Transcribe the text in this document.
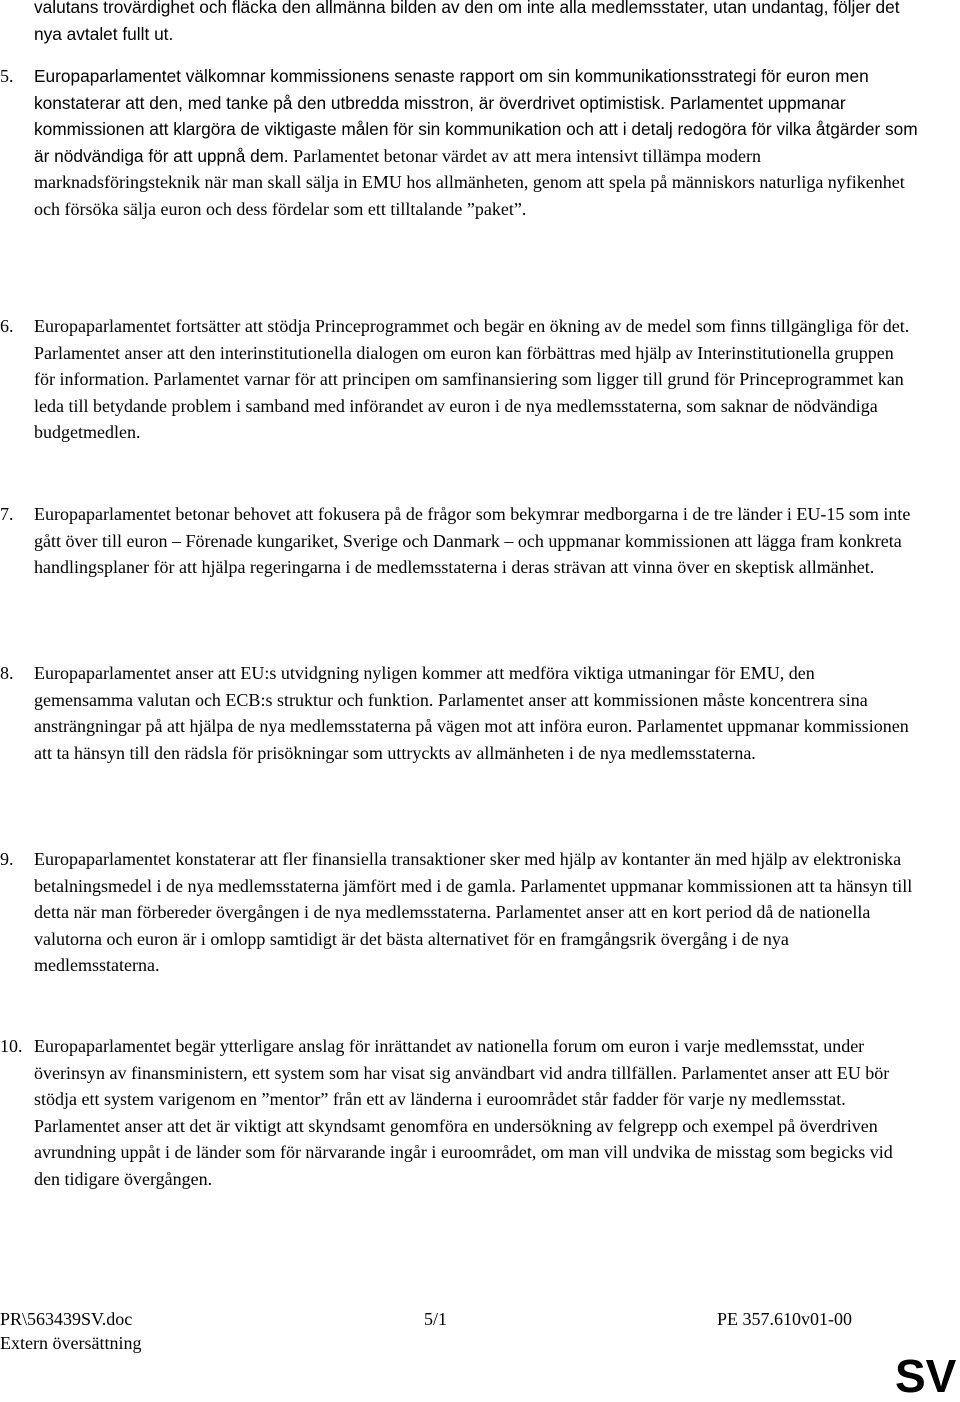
valutans trovärdighet och fläcka den allmänna bilden av den om inte alla medlemsstater, utan undantag, följer det nya avtalet fullt ut.

5.	Europaparlamentet välkomnar kommissionens senaste rapport om sin kommunikationsstrategi för euron men konstaterar att den, med tanke på den utbredda misstron, är överdrivet optimistisk. Parlamentet uppmanar kommissionen att klargöra de viktigaste målen för sin kommunikation och att i detalj redogöra för vilka åtgärder som är nödvändiga för att uppnå dem. Parlamentet betonar värdet av att mera intensivt tillämpa modern marknadsföringsteknik när man skall sälja in EMU hos allmänheten, genom att spela på människors naturliga nyfikenhet och försöka sälja euron och dess fördelar som ett tilltalande ”paket”.
6.	Europaparlamentet fortsätter att stödja Princeprogrammet och begär en ökning av de medel som finns tillgängliga för det. Parlamentet anser att den interinstitutionella dialogen om euron kan förbättras med hjälp av Interinstitutionella gruppen för information. Parlamentet varnar för att principen om samfinansiering som ligger till grund för Princeprogrammet kan leda till betydande problem i samband med införandet av euron i de nya medlemsstaterna, som saknar de nödvändiga budgetmedlen.
7.	Europaparlamentet betonar behovet att fokusera på de frågor som bekymrar medborgarna i de tre länder i EU-15 som inte gått över till euron – Förenade kungariket, Sverige och Danmark – och uppmanar kommissionen att lägga fram konkreta handlingsplaner för att hjälpa regeringarna i de medlemsstaterna i deras strävan att vinna över en skeptisk allmänhet.
8.	Europaparlamentet anser att EU:s utvidgning nyligen kommer att medföra viktiga utmaningar för EMU, den gemensamma valutan och ECB:s struktur och funktion. Parlamentet anser att kommissionen måste koncentrera sina ansträngningar på att hjälpa de nya medlemsstaterna på vägen mot att införa euron. Parlamentet uppmanar kommissionen att ta hänsyn till den rädsla för prisökningar som uttryckts av allmänheten i de nya medlemsstaterna.
9.	Europaparlamentet konstaterar att fler finansiella transaktioner sker med hjälp av kontanter än med hjälp av elektroniska betalningsmedel i de nya medlemsstaterna jämfört med i de gamla. Parlamentet uppmanar kommissionen att ta hänsyn till detta när man förbereder övergången i de nya medlemsstaterna. Parlamentet anser att en kort period då de nationella valutorna och euron är i omlopp samtidigt är det bästa alternativet för en framgångsrik övergång i de nya medlemsstaterna.
10. Europaparlamentet begär ytterligare anslag för inrättandet av nationella forum om euron i varje medlemsstat, under överinsyn av finansministern, ett system som har visat sig användbart vid andra tillfällen. Parlamentet anser att EU bör stödja ett system varigenom en ”mentor” från ett av länderna i euroområdet står fadder för varje ny medlemsstat. Parlamentet anser att det är viktigt att skyndsamt genomföra en undersökning av felgrepp och exempel på överdriven avrundning uppåt i de länder som för närvarande ingår i euroområdet, om man vill undvika de misstag som begicks vid den tidigare övergången.
PR\563439SV.doc	5/1	PE 357.610v01-00
Extern översättning
SV
